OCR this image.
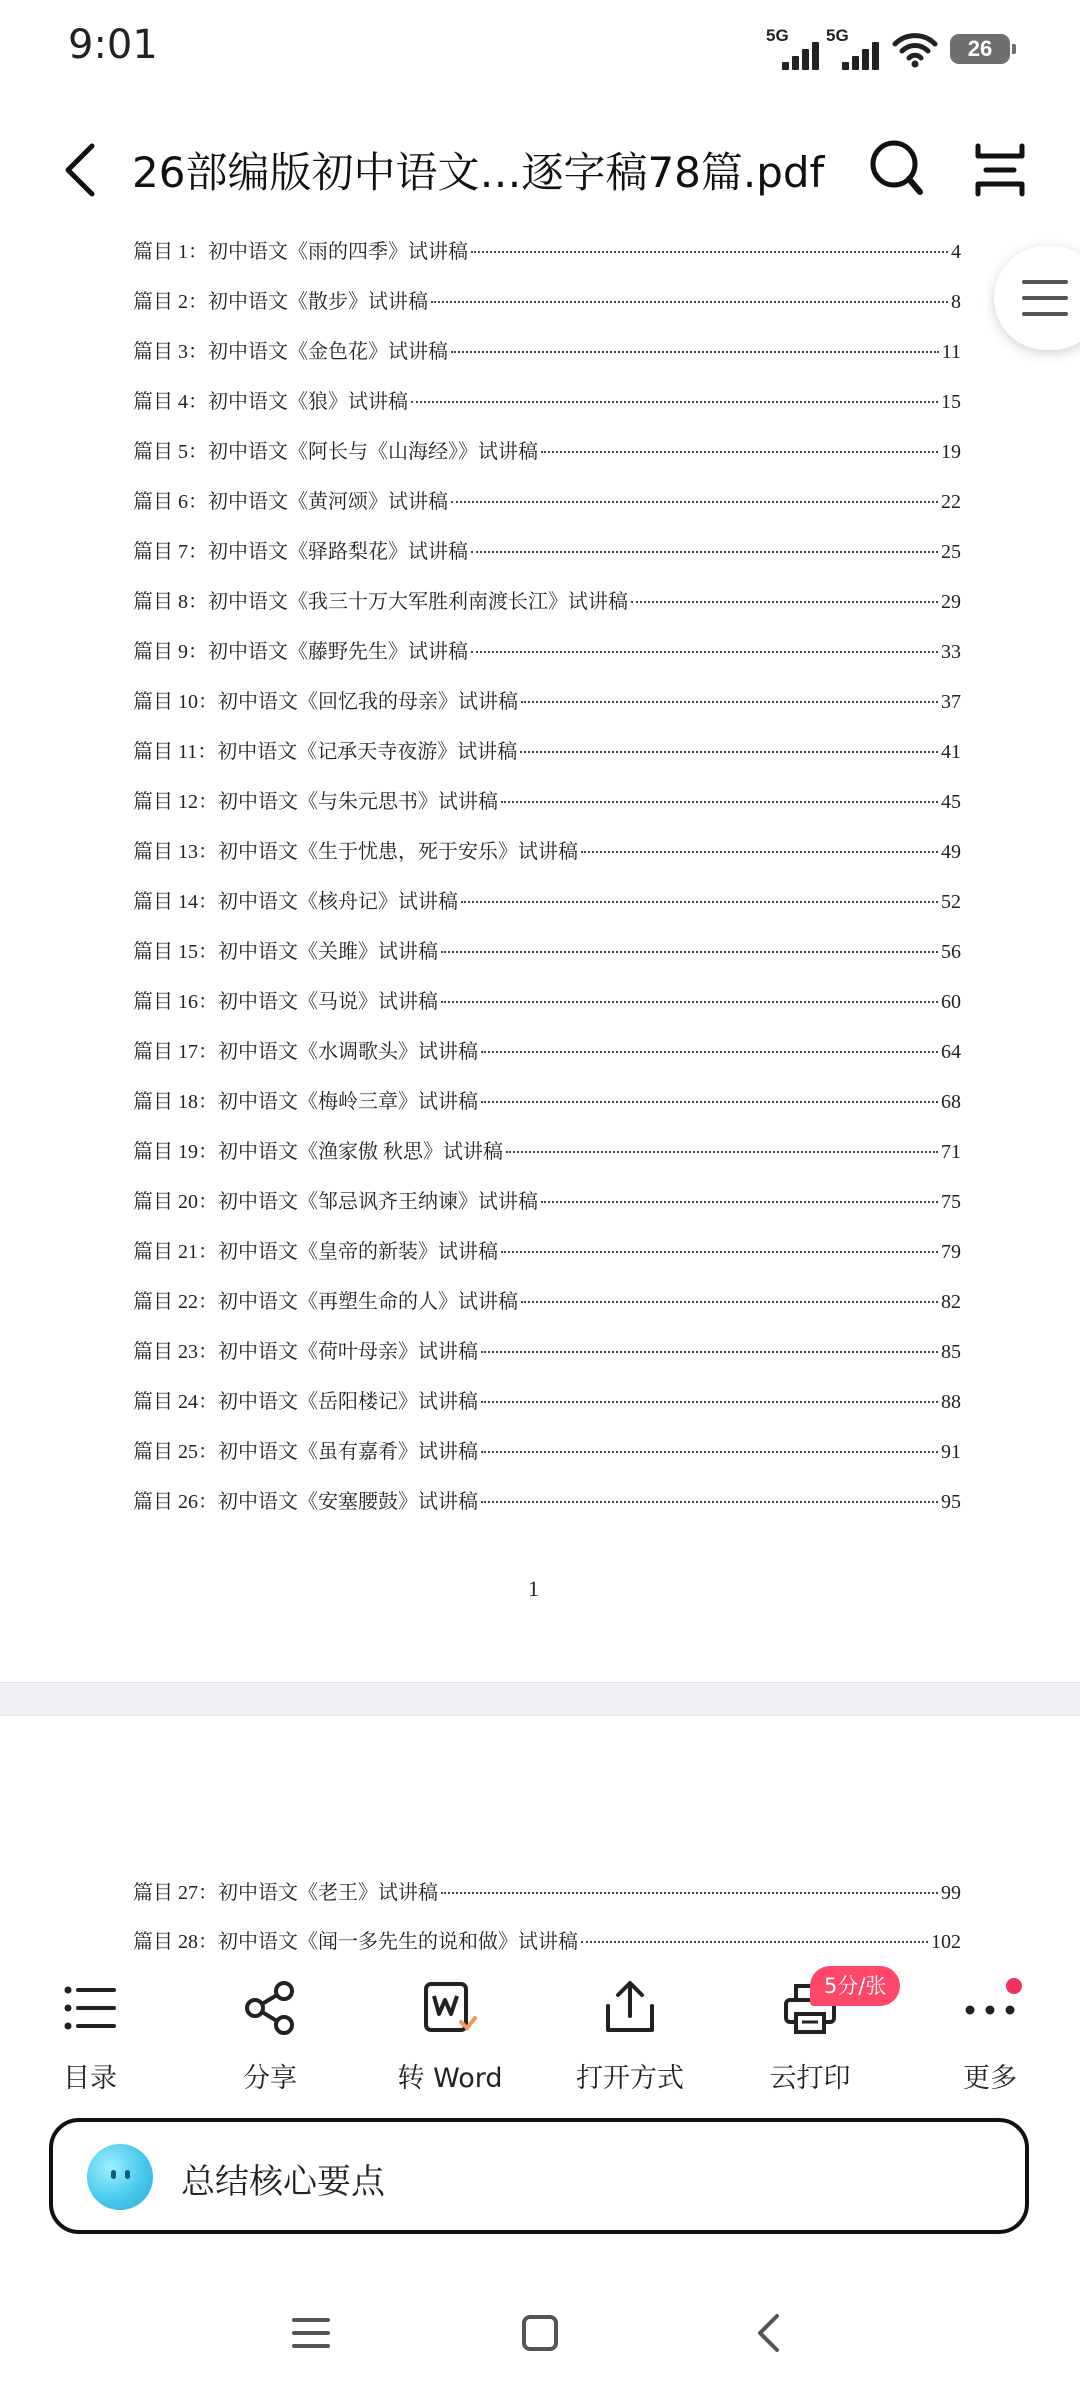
9:01	5G 5G
26
26部编版初中语文…逐字稿78篇.pdf
篇目 1：初中语文《雨的四季》试讲稿	4
篇目 2：初中语文《散步》试讲稿	8
篇目 3：初中语文《金色花》试讲稿	11
篇目 4：初中语文《狼》试讲稿	15
篇目 5：初中语文《阿长与《山海经》》试讲稿	19
篇目 6：初中语文《黄河颂》试讲稿	22
篇目 7：初中语文《驿路梨花》试讲稿	25
篇目 8：初中语文《我三十万大军胜利南渡长江》试讲稿	29
篇目 9：初中语文《藤野先生》试讲稿	33
篇目 10：初中语文《回忆我的母亲》试讲稿	37
篇目 11：初中语文《记承天寺夜游》试讲稿	41
篇目 12：初中语文《与朱元思书》试讲稿	45
篇目 13：初中语文《生于忧患，死于安乐》试讲稿	49
篇目 14：初中语文《核舟记》试讲稿	52
篇目 15：初中语文《关雎》试讲稿	56
篇目 16：初中语文《马说》试讲稿	60
篇目 17：初中语文《水调歌头》试讲稿	64
篇目 18：初中语文《梅岭三章》试讲稿	68
篇目 19：初中语文《渔家傲 秋思》试讲稿	71
篇目 20：初中语文《邹忌讽齐王纳谏》试讲稿	75
篇目 21：初中语文《皇帝的新装》试讲稿	79
篇目 22：初中语文《再塑生命的人》试讲稿	82
篇目 23：初中语文《荷叶母亲》试讲稿	85
篇目 24：初中语文《岳阳楼记》试讲稿	88
篇目 25：初中语文《虽有嘉肴》试讲稿	91
篇目 26：初中语文《安塞腰鼓》试讲稿	95
1
篇目 27：初中语文《老王》试讲稿	99
篇目 28：初中语文《闻一多先生的说和做》试讲稿	102
目录	分享	转 Word	打开方式	云打印	更多
5分/张
总结核心要点
